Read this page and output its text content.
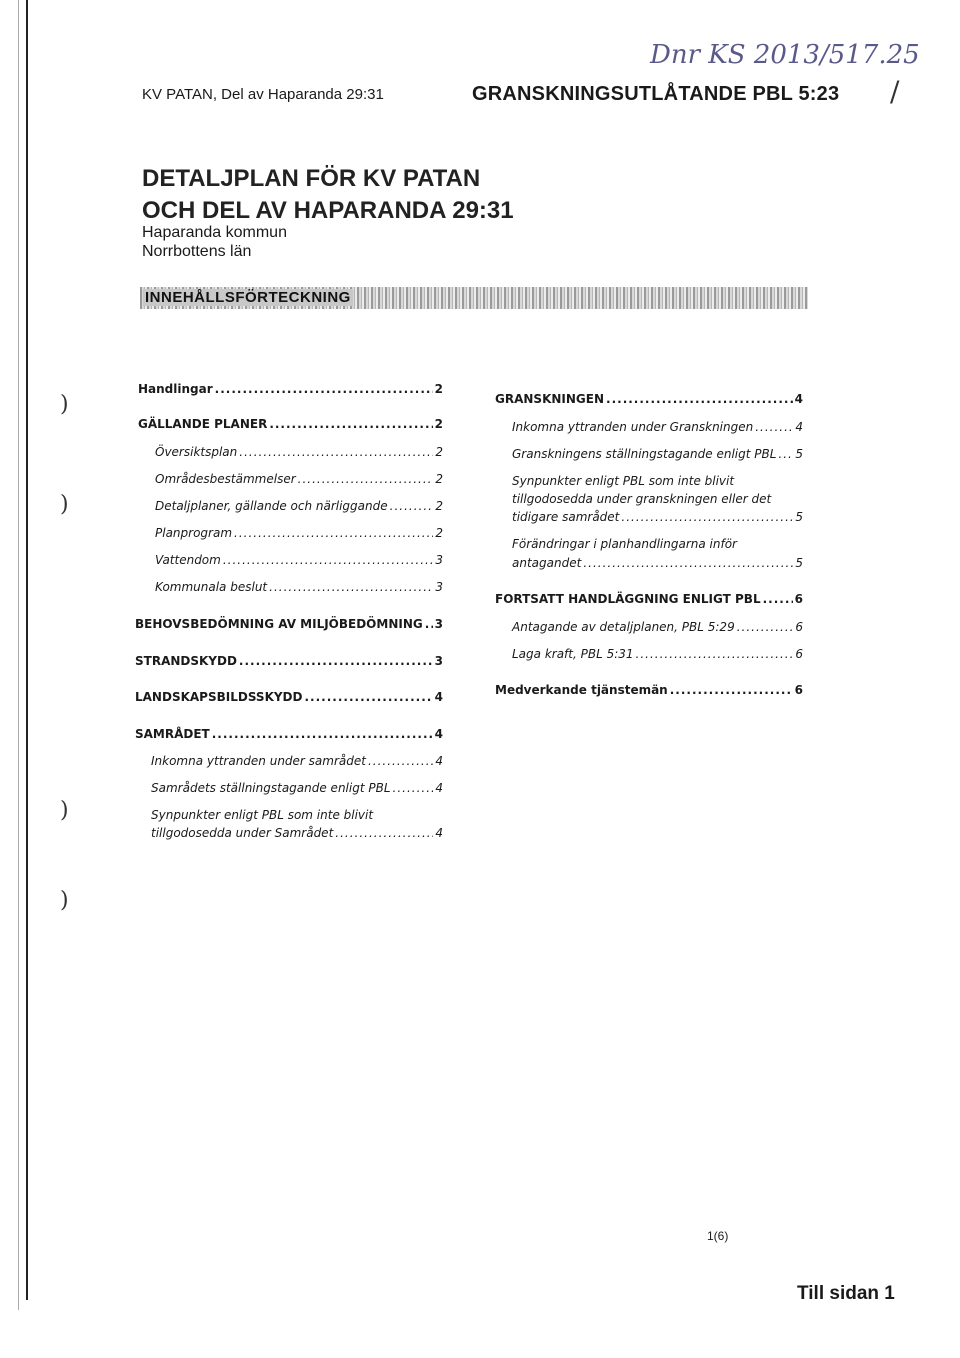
Dnr KS 2013/517.25
KV PATAN, Del av Haparanda 29:31	GRANSKNINGSUTLÅTANDE PBL 5:23 /
DETALJPLAN FÖR KV PATAN
OCH DEL AV HAPARANDA 29:31
Haparanda kommun
Norrbottens län
INNEHÅLLSFÖRTECKNING
)
)
)
)
Handlingar .....	2
GÄLLANDE PLANER .....	2
Översiktsplan .....	2
Områdesbestämmelser .....	2
Detaljplaner, gällande och närliggande .....	2
Planprogram .....	2
Vattendom .....	3
Kommunala beslut .....	3
BEHOVSBEDÖMNING AV MILJÖBEDÖMNING ..... 3
STRANDSKYDD .....	3
LANDSKAPSBILDSSKYDD .....	4
SAMRÅDET .....	4
Inkomna yttranden under samrådet .....	4
Samrådets ställningstagande enligt PBL .....	4
Synpunkter enligt PBL som inte blivit
tillgodosedda under Samrådet .....	4
GRANSKNINGEN .....	4
Inkomna yttranden under Granskningen .....	4
Granskningens ställningstagande enligt PBL ..... 5
Synpunkter enligt PBL som inte blivit
tillgodosedda under granskningen eller det
tidigare samrådet .....	5
Förändringar i planhandlingarna inför
antagandet .....	5
FORTSATT HANDLÄGGNING ENLIGT PBL .....	6
Antagande av detaljplanen, PBL 5:29 .....	6
Laga kraft, PBL 5:31 .....	6
Medverkande tjänstemän .....	6
1(6)
Till sidan 1
